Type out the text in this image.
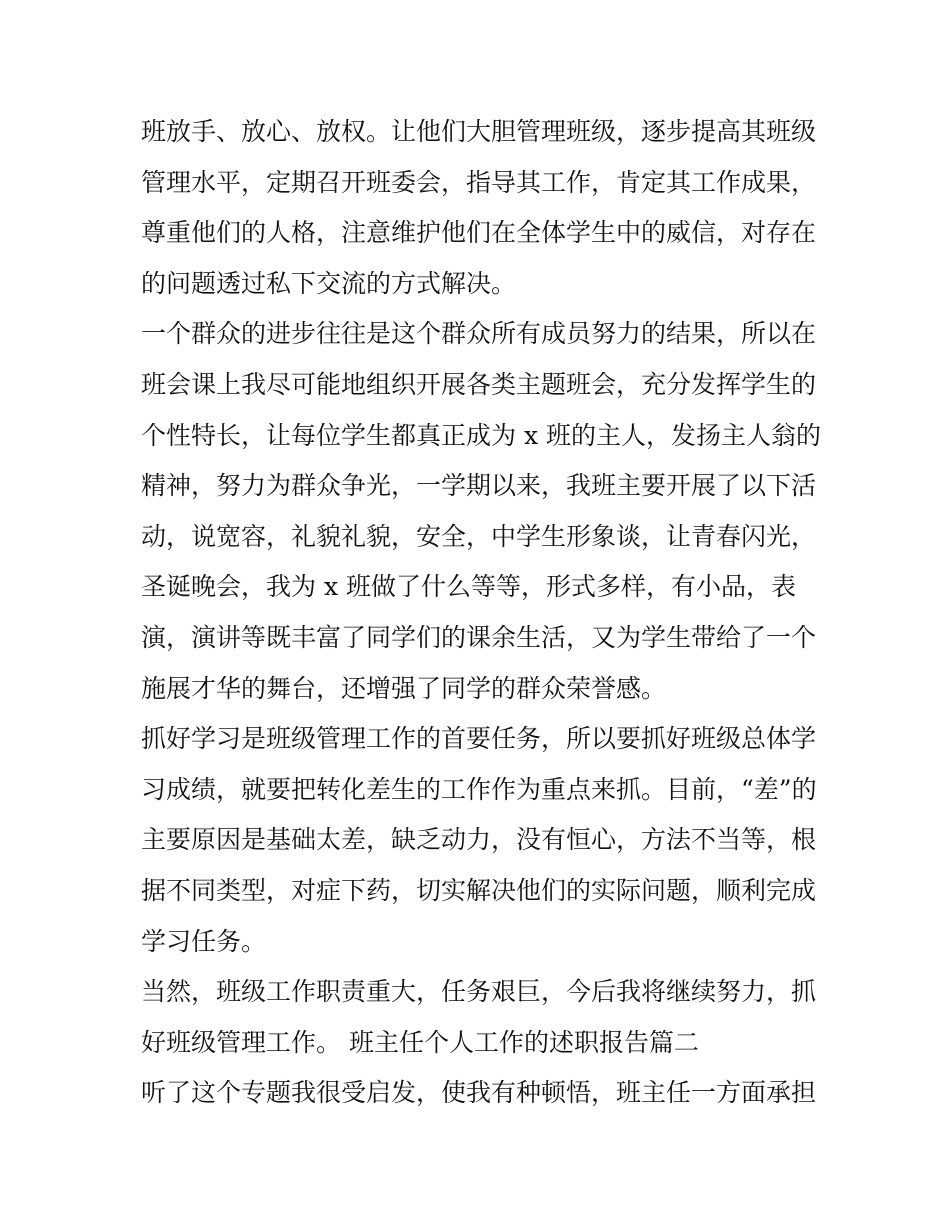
班放手、放心、放权。让他们大胆管理班级，逐步提高其班级
管理水平，定期召开班委会，指导其工作，肯定其工作成果，
尊重他们的人格，注意维护他们在全体学生中的威信，对存在
的问题透过私下交流的方式解决。
一个群众的进步往往是这个群众所有成员努力的结果，所以在
班会课上我尽可能地组织开展各类主题班会，充分发挥学生的
个性特长，让每位学生都真正成为 x 班的主人，发扬主人翁的
精神，努力为群众争光，一学期以来，我班主要开展了以下活
动，说宽容，礼貌礼貌，安全，中学生形象谈，让青春闪光，
圣诞晚会，我为 x 班做了什么等等，形式多样，有小品，表
演，演讲等既丰富了同学们的课余生活，又为学生带给了一个
施展才华的舞台，还增强了同学的群众荣誉感。
抓好学习是班级管理工作的首要任务，所以要抓好班级总体学
习成绩，就要把转化差生的工作作为重点来抓。目前，“差”的
主要原因是基础太差，缺乏动力，没有恒心，方法不当等，根
据不同类型，对症下药，切实解决他们的实际问题，顺利完成
学习任务。
当然，班级工作职责重大，任务艰巨，今后我将继续努力，抓
好班级管理工作。 班主任个人工作的述职报告篇二
听了这个专题我很受启发，使我有种顿悟，班主任一方面承担
